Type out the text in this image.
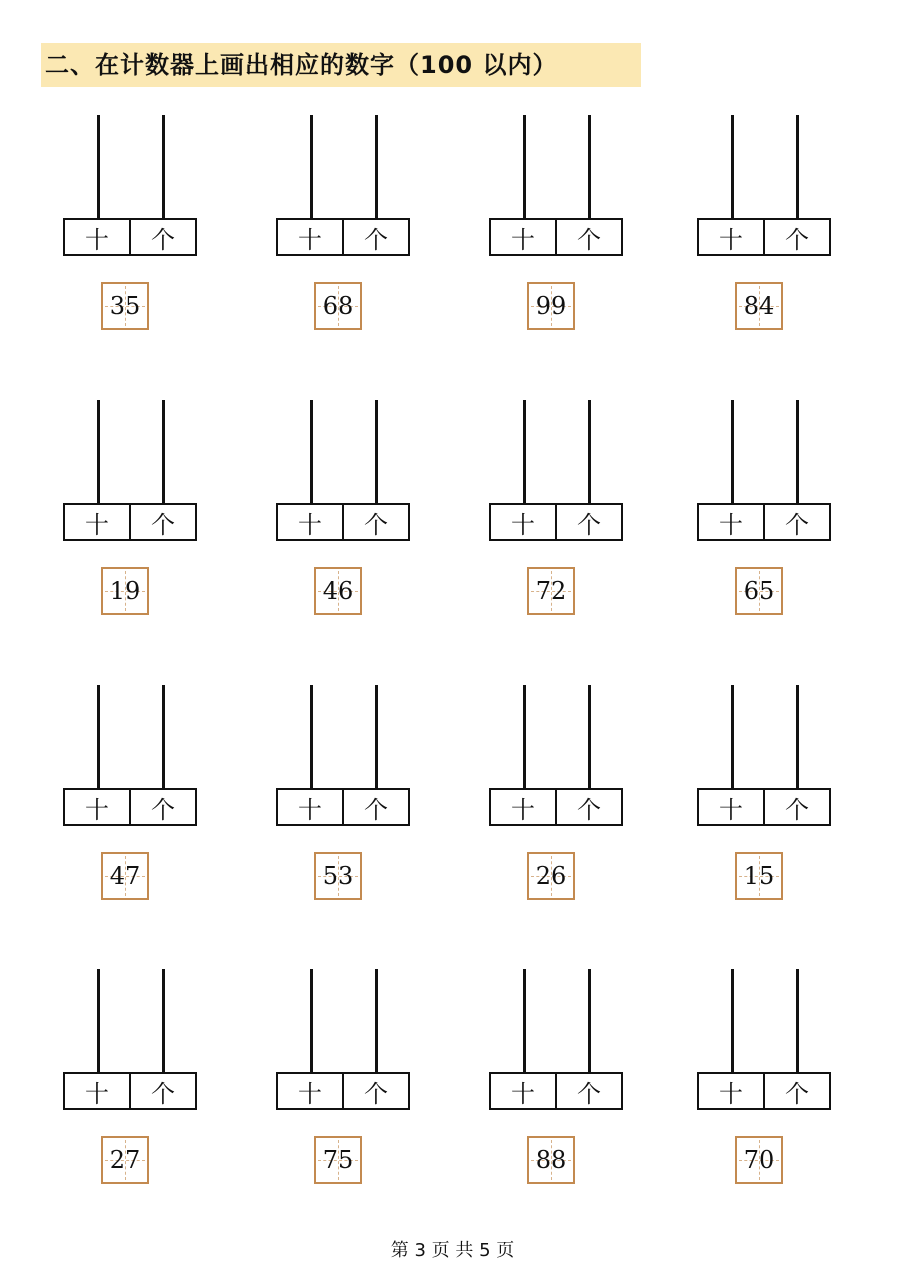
二、在计数器上画出相应的数字（100 以内）
十	个
35
十	个
68
十	个
99
十	个
84
十	个
19
十	个
46
十	个
72
十	个
65
十	个
47
十	个
53
十	个
26
十	个
15
十	个
27
十	个
75
十	个
88
十	个
70
第 3 页 共 5 页
